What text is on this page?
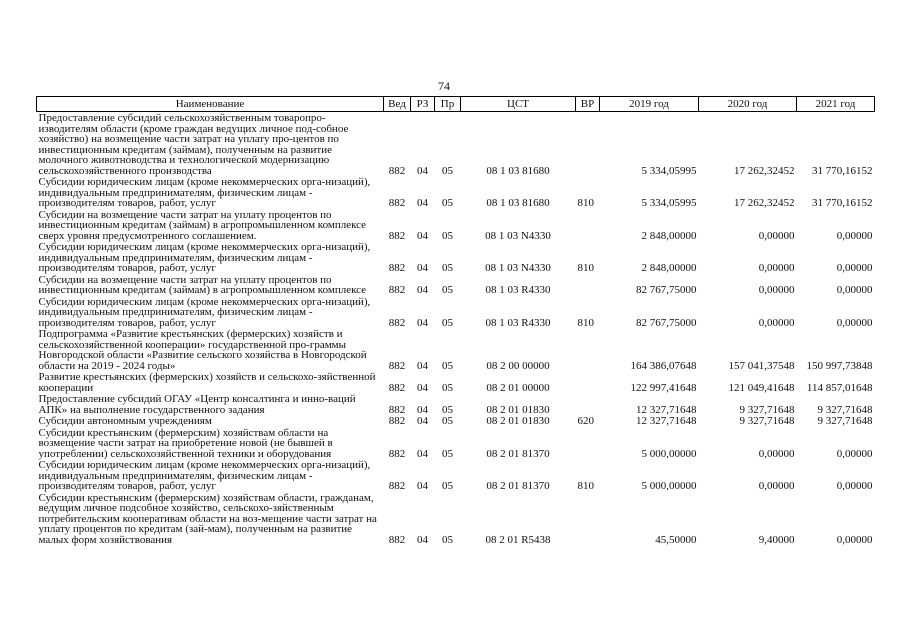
74
Наименование	Вед	РЗ	Пр	ЦСТ	ВР	2019 год	2020 год	2021 год
Предоставление субсидий сельскохозяйственным товаропро-изводителям области (кроме граждан ведущих личное под-собное хозяйство) на возмещение части затрат на уплату про-центов по инвестиционным кредитам (займам), полученным на развитие молочного животноводства и технологической модернизацию сельскохозяйственного производства	882	04	05	08 1 03 81680		5 334,05995	17 262,32452	31 770,16152
Субсидии юридическим лицам (кроме некоммерческих орга-низаций), индивидуальным предпринимателям, физическим лицам - производителям товаров, работ, услуг	882	04	05	08 1 03 81680	810	5 334,05995	17 262,32452	31 770,16152
Субсидии на возмещение части затрат на уплату процентов по инвестиционным кредитам (займам) в агропромышленном комплексе сверх уровня предусмотренного соглашением.	882	04	05	08 1 03 N4330		2 848,00000	0,00000	0,00000
Субсидии юридическим лицам (кроме некоммерческих орга-низаций), индивидуальным предпринимателям, физическим лицам - производителям товаров, работ, услуг	882	04	05	08 1 03 N4330	810	2 848,00000	0,00000	0,00000
Субсидии на возмещение части затрат на уплату процентов по инвестиционным кредитам (займам) в агропромышленном комплексе	882	04	05	08 1 03 R4330		82 767,75000	0,00000	0,00000
Субсидии юридическим лицам (кроме некоммерческих орга-низаций), индивидуальным предпринимателям, физическим лицам - производителям товаров, работ, услуг	882	04	05	08 1 03 R4330	810	82 767,75000	0,00000	0,00000
Подпрограмма «Развитие крестьянских (фермерских) хозяйств и сельскохозяйственной кооперации» государственной про-граммы Новгородской области «Развитие сельского хозяйства в Новгородской области на 2019 - 2024 годы»	882	04	05	08 2 00 00000		164 386,07648	157 041,37548	150 997,73848
Развитие крестьянских (фермерских) хозяйств и сельскохо-зяйственной кооперации	882	04	05	08 2 01 00000		122 997,41648	121 049,41648	114 857,01648
Предоставление субсидий ОГАУ «Центр консалтинга и инно-ваций АПК» на выполнение государственного задания	882	04	05	08 2 01 01830		12 327,71648	9 327,71648	9 327,71648
Субсидии автономным учреждениям	882	04	05	08 2 01 01830	620	12 327,71648	9 327,71648	9 327,71648
Субсидии крестьянским (фермерским) хозяйствам области на возмещение части затрат на приобретение новой (не бывшей в употреблении) сельскохозяйственной техники и оборудования	882	04	05	08 2 01 81370		5 000,00000	0,00000	0,00000
Субсидии юридическим лицам (кроме некоммерческих орга-низаций), индивидуальным предпринимателям, физическим лицам - производителям товаров, работ, услуг	882	04	05	08 2 01 81370	810	5 000,00000	0,00000	0,00000
Субсидии крестьянским (фермерским) хозяйствам области, гражданам, ведущим личное подсобное хозяйство, сельскохо-зяйственным потребительским кооперативам области на воз-мещение части затрат на уплату процентов по кредитам (зай-мам), полученным на развитие малых форм хозяйствования	882	04	05	08 2 01 R5438		45,50000	9,40000	0,00000
